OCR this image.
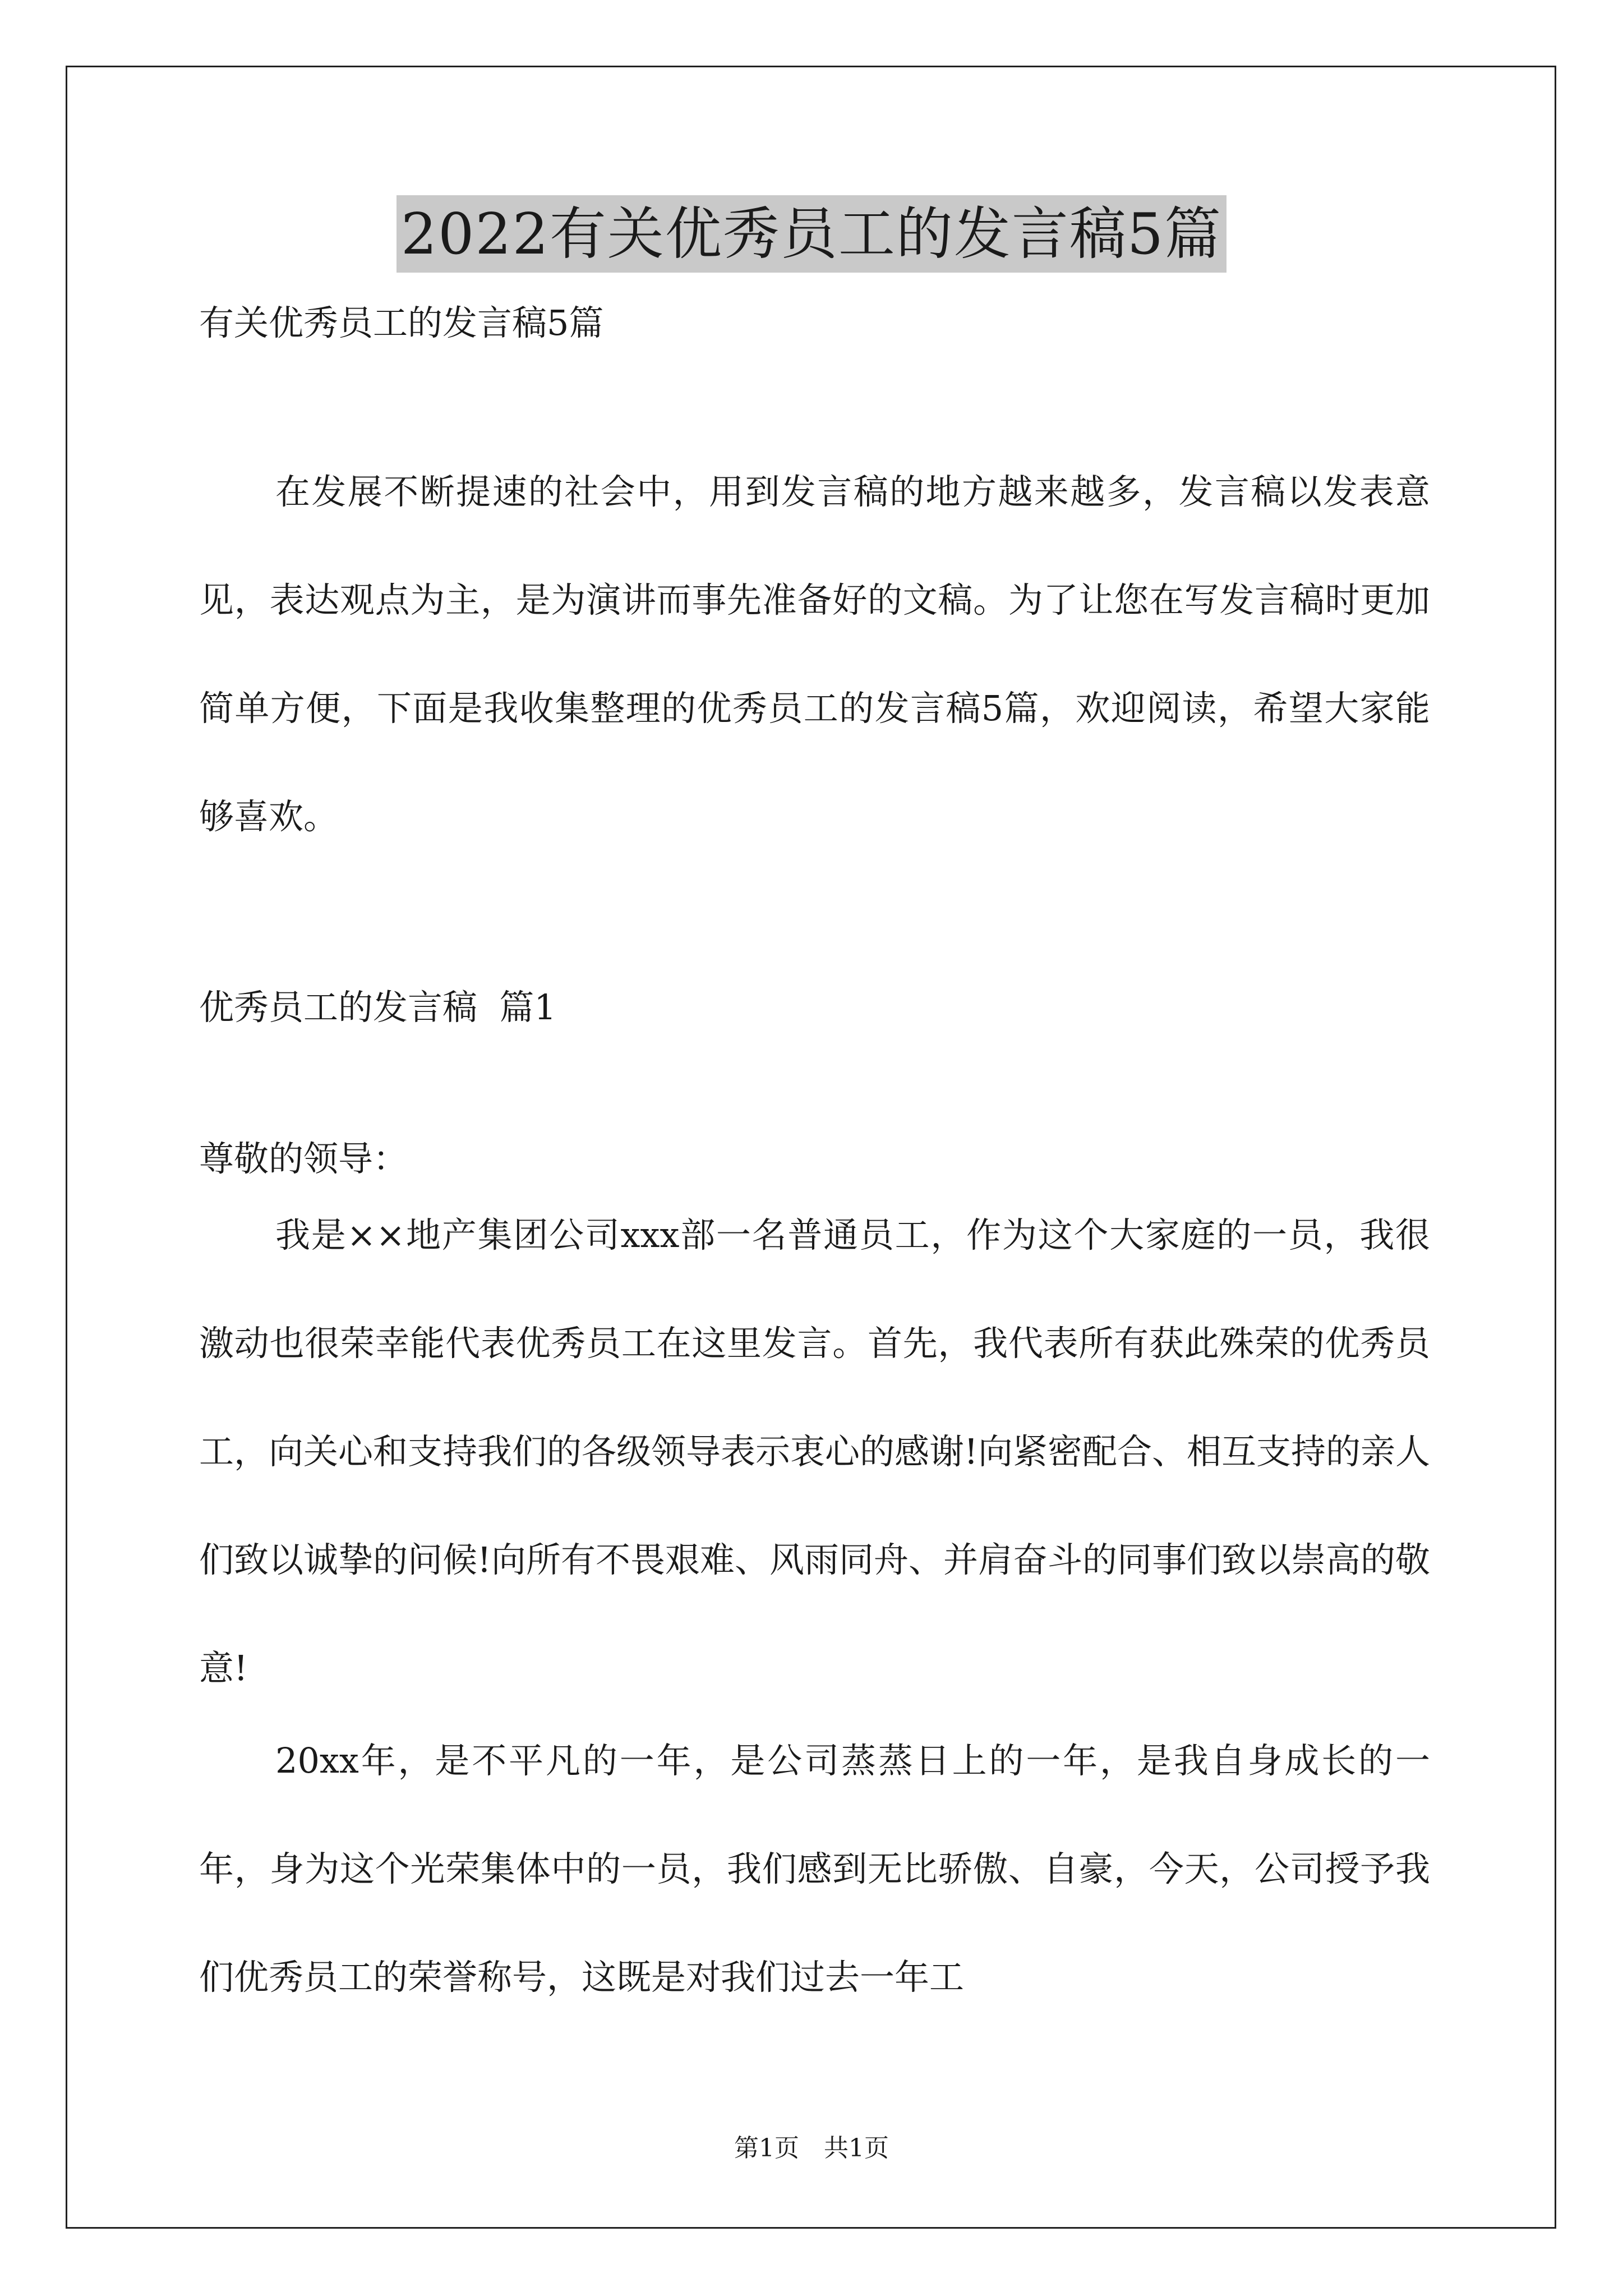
2022有关优秀员工的发言稿5篇

有关优秀员工的发言稿5篇

在发展不断提速的社会中，用到发言稿的地方越来越多，发言稿以发表意见，表达观点为主，是为演讲而事先准备好的文稿。为了让您在写发言稿时更加简单方便，下面是我收集整理的优秀员工的发言稿5篇，欢迎阅读，希望大家能够喜欢。

优秀员工的发言稿  篇1

尊敬的领导：

我是××地产集团公司xxx部一名普通员工，作为这个大家庭的一员，我很激动也很荣幸能代表优秀员工在这里发言。首先，我代表所有获此殊荣的优秀员工，向关心和支持我们的各级领导表示衷心的感谢!向紧密配合、相互支持的亲人们致以诚挚的问候!向所有不畏艰难、风雨同舟、并肩奋斗的同事们致以崇高的敬意!

20xx年，是不平凡的一年，是公司蒸蒸日上的一年，是我自身成长的一年，身为这个光荣集体中的一员，我们感到无比骄傲、自豪，今天，公司授予我们优秀员工的荣誉称号，这既是对我们过去一年工

第1页 共1页
